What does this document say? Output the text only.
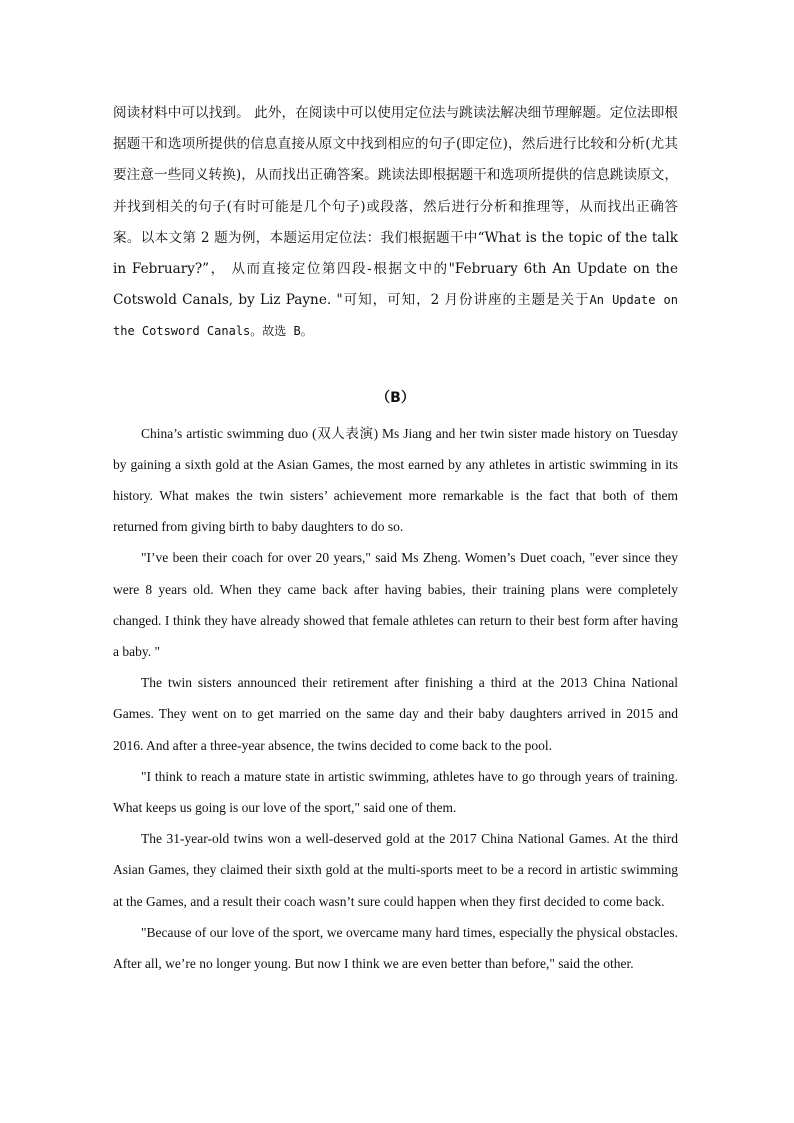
阅读材料中可以找到。 此外，在阅读中可以使用定位法与跳读法解决细节理解题。定位法即根据题干和选项所提供的信息直接从原文中找到相应的句子(即定位)，然后进行比较和分析(尤其要注意一些同义转换)，从而找出正确答案。跳读法即根据题干和选项所提供的信息跳读原文，并找到相关的句子(有时可能是几个句子)或段落，然后进行分析和推理等，从而找出正确答案。以本文第 2 题为例，本题运用定位法：我们根据题干中“What is the topic of the talk in February?”， 从而直接定位第四段-根据文中的"February 6th An Update on the Cotswold Canals, by Liz Payne. "可知，可知，2 月份讲座的主题是关于An Update on the Cotsword Canals。故选 B。

（B）

China’s artistic swimming duo (双人表演) Ms Jiang and her twin sister made history on Tuesday by gaining a sixth gold at the Asian Games, the most earned by any athletes in artistic swimming in its history. What makes the twin sisters’ achievement more remarkable is the fact that both of them returned from giving birth to baby daughters to do so.

"I’ve been their coach for over 20 years," said Ms Zheng. Women’s Duet coach, "ever since they were 8 years old. When they came back after having babies, their training plans were completely changed. I think they have already showed that female athletes can return to their best form after having a baby. "

The twin sisters announced their retirement after finishing a third at the 2013 China National Games. They went on to get married on the same day and their baby daughters arrived in 2015 and 2016. And after a three-year absence, the twins decided to come back to the pool.

"I think to reach a mature state in artistic swimming, athletes have to go through years of training. What keeps us going is our love of the sport," said one of them.

The 31-year-old twins won a well-deserved gold at the 2017 China National Games. At the third Asian Games, they claimed their sixth gold at the multi-sports meet to be a record in artistic swimming at the Games, and a result their coach wasn’t sure could happen when they first decided to come back.

"Because of our love of the sport, we overcame many hard times, especially the physical obstacles. After all, we’re no longer young. But now I think we are even better than before," said the other.
